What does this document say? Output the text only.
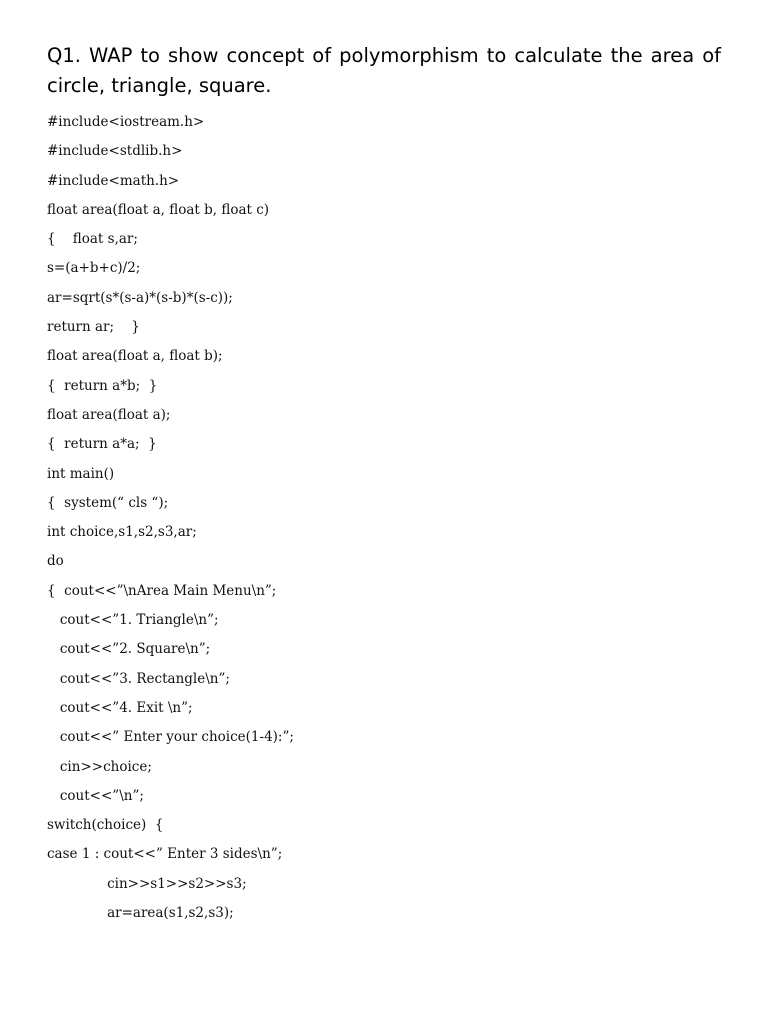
Q1. WAP to show concept of polymorphism to calculate the area of circle, triangle, square.
#include<iostream.h>
#include<stdlib.h>
#include<math.h>
float area(float a, float b, float c)
{    float s,ar;
s=(a+b+c)/2;
ar=sqrt(s*(s-a)*(s-b)*(s-c));
return ar;    }
float area(float a, float b);
{  return a*b;  }
float area(float a);
{  return a*a;  }
int main()
{  system(“ cls “);
int choice,s1,s2,s3,ar;
do
{  cout<<”\nArea Main Menu\n”;
cout<<”1. Triangle\n”;
cout<<”2. Square\n”;
cout<<”3. Rectangle\n”;
cout<<”4. Exit \n”;
cout<<” Enter your choice(1-4):”;
cin>>choice;
cout<<”\n”;
switch(choice)  {
case 1 : cout<<” Enter 3 sides\n”;
cin>>s1>>s2>>s3;
ar=area(s1,s2,s3);
